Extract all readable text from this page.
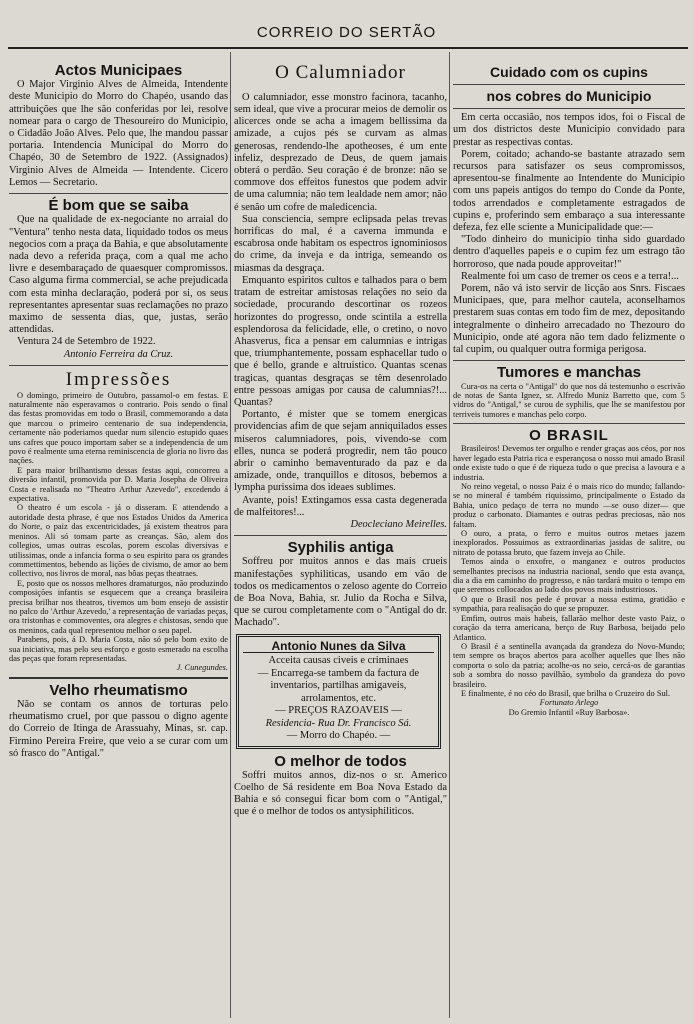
CORREIO DO SERTÃO
Actos Municipaes

O Major Virginio Alves de Almeida, Intendente deste Municipio do Morro do Chapéo, usando das attribuições que lhe são conferidas por lei, resolve nomear para o cargo de Thesoureiro do Municipio, o Cidadão João Alves. Pelo que, lhe mandou passar portaria. Intendencia Municipal do Morro do Chapéo, 30 de Setembro de 1922. (Assignados) Virginio Alves de Almeida — Intendente. Cicero Lemos — Secretario.

É bom que se saiba

Que na qualidade de ex-negociante no arraial do "Ventura" tenho nesta data, liquidado todos os meus negocios com a praça da Bahia, e que absolutamente nada devo a referida praça, com a qual me acho livre e desembaraçado de quaesquer compromissos. Caso alguma firma commercial, se ache prejudicada com esta minha declaração, poderá por si, os seus representantes apresentar suas reclamações no prazo maximo de sessenta dias, que, justas, serão attendidas.

Ventura 24 de Setembro de 1922.

Antonio Ferreira da Cruz.

Impressões

O domingo, primeiro de Outubro, passamol-o em festas. E naturalmente não esperavamos o contrario. Pois sendo o final das festas promovidas em todo o Brasil, commemorando a data que marcou o primeiro centenario de sua independencia, certamente não poderiamos quedar num silencio estupido quaes uns cafres que pouco importam saber se a independencia de um povo é realmente uma eterna reminiscencia de gloria no livro das nações.

E para maior brilhantismo dessas festas aqui, concorreu a diversão infantil, promovida por D. Maria Josepha de Oliveira Costa e realisada no "Theatro Arthur Azevedo", excedendo á expectativa.

O theatro é um escola - já o disseram. E attendendo a autoridade desta phrase, é que nos Estados Unidos da America do Norte, o paiz das excentricidades, já existem theatros para meninos. Ali só tomam parte as creanças. São, alem dos collegios, umas outras escolas, porem escolas diversivas e utilissimas, onde a infancia forma o seu espirito para os grandes commettimentos, bebendo as lições de civismo, de amor ao bem collectivo, nos livros de moral, nas bôas peças theatraes.

E, posto que os nossos melhores dramaturgos, não produzindo composições infantis se esquecem que a creança brasileira precisa brilhar nos theatros, tivemos um bom ensejo de assistir no palco do 'Arthur Azevedo,' a representação de variadas peças, ora tristonhas e commoventes, ora alegres e chistosas, sendo que os meninos, cada qual representou melhor o seu papel.

Parabens, pois, á D. Maria Costa, não só pelo bom exito de sua iniciativa, mas pelo seu esforço e gosto esmerado na escolha das peças que foram representadas.

J. Cunegundes.

Velho rheumatismo

Não se contam os annos de torturas pelo rheumatismo cruel, por que passou o digno agente do Correio de Itinga de Arassuahy, Minas, sr. cap. Firmino Pereira Freire, que veio a se curar com um só frasco do "Antigal."

O Calumniador

O calumniador, esse monstro facinora, tacanho, sem ideal, que vive a procurar meios de demolir os alicerces onde se acha a imagem bellissima da amizade, a cujos pés se curvam as almas generosas, rendendo-lhe apotheoses, é um ente infeliz, desprezado de Deus, de quem jamais obterá o perdão. Seu coração é de bronze: não se commove dos effeitos funestos que podem advir de uma calumnia; não tem lealdade nem amor; não é senão um cofre de maledicencia.

Sua consciencia, sempre eclipsada pelas trevas horrificas do mal, é a caverna immunda e escabrosa onde habitam os espectros ignominiosos do crime, da inveja e da intriga, semeando os miasmas da desgraça.

Emquanto espiritos cultos e talhados para o bem tratam de estreitar amistosas relações no seio da sociedade, procurando descortinar os rozeos horizontes do progresso, onde scintila a estrella esplendorosa da felicidade, elle, o cretino, o novo Ahasverus, fica a pensar em calumnias e intrigas que, triumphantemente, possam esphacellar tudo o que é bello, grande e altruistico. Quantas scenas tragicas, quantas desgraças se têm desenrolado entre pessoas amigas por causa de calumnias?!... Quantas?

Portanto, é mister que se tomem energicas providencias afim de que sejam anniquilados esses miseros calumniadores, pois, vivendo-se com elles, nunca se poderá progredir, nem tão pouco abrir o caminho bemaventurado da paz e da amizade, onde, tranquillos e ditosos, bebemos a lympha purissima dos ideaes sublimes.

Avante, pois! Extingamos essa casta degenerada de malfeitores!...

Deocleciano Meirelles.

Syphilis antiga

Soffreu por muitos annos e das mais crueis manifestações syphiliticas, usando em vão de todos os medicamentos o zeloso agente do Correio de Boa Nova, Bahia, sr. Julio da Rocha e Silva, que se curou completamente com o "Antigal do dr. Machado".

Antonio Nunes da Silva
Acceita causas civeis e criminaes
— Encarrega-se tambem da factura de inventarios, partilhas amigaveis, arrolamentos, etc.
— PREÇOS RAZOAVEIS —
Residencia- Rua Dr. Francisco Sá.
— Morro do Chapéo. —
O melhor de todos

Soffri muitos annos, diz-nos o sr. Americo Coelho de Sá residente em Boa Nova Estado da Bahia e só consegui ficar bom com o "Antigal," que é o melhor de todos os antysiphiliticos.

Cuidado com os cupins
nos cobres do Municipio

Em certa occasião, nos tempos idos, foi o Fiscal de um dos districtos deste Municipio convidado para prestar as respectivas contas.

Porem, coitado; achando-se bastante atrazado sem recursos para satisfazer os seus compromissos, apresentou-se finalmente ao Intendente do Municipio com uns papeis antigos do tempo do Conde da Ponte, todos arrendados e completamente estragados de cupins e, proferindo sem embaraço a sua interessante defeza, fez elle sciente a Municipalidade que:—

"Todo dinheiro do municipio tinha sido guardado dentro d'aquelles papeis e o cupim fez um estrago tão horroroso, que nada poude approveitar!"

Realmente foi um caso de tremer os ceos e a terra!...

Porem, não vá isto servir de licção aos Snrs. Fiscaes Municipaes, que, para melhor cautela, aconselhamos prestarem suas contas em todo fim de mez, depositando integralmente o dinheiro arrecadado no Thezouro do Municipio, onde até agora não tem dado felizmente o tal cupim, ou qualquer outra formiga perigosa.

Tumores e manchas

Cura-os na certa o "Antigal" do que nos dá testemunho o escrivão de notas de Santa Ignez, sr. Alfredo Muniz Barretto que, com 5 vidros do "Antigal," se curou de syphilis, que lhe se manifestou por terriveis tumores e manchas pelo corpo.

O BRASIL

Brasileiros! Devemos ter orgulho e render graças aos céos, por nos haver legado esta Patria rica e esperançosa o nosso mui amado Brasil onde existe tudo o que é de riqueza tudo o que precisa a lavoura e a industria.

No reino vegetal, o nosso Paiz é o mais rico do mundo; fallando-se no mineral é também riquissimo, principalmente o Estado da Bahia, unico pedaço de terra no mundo —se ouso dizer— que produz o carbonato. Diamantes e outras pedras preciosas, não nos faltam.

O ouro, a prata, o ferro e muitos outros metaes jazem inexplorados. Possuimos as extraordinarias jasidas de salitre, ou nitrato de potassa bruto, que fazem inveja ao Chile.

Temos ainda o enxofre, o manganez e outros productos semelhantes precisos na industria nacional, sendo que esta avança, dia a dia em caminho do progresso, e não tardará muito o tempo em que seremos collocados ao lado dos povos mais industriosos.

O que o Brasil nos pede é provar a nossa estima, gratidão e sympathia, para realisação do que se propuzer.

Emfim, outros mais habeis, fallarão melhor deste vasto Paiz, o coração da terra americana, berço de Ruy Barbosa, beijado pelo Atlantico.

O Brasil é a sentinella avançada da grandeza do Novo-Mundo; tem sempre os braços abertos para acolher aquelles que lhes não comporta o solo da patria; acolhe-os no seio, cercá-os de garantias sob a sombra do nosso pavilhão, symbolo da grandeza do povo brasileiro.

E finalmente, é no céo do Brasil, que brilha o Cruzeiro do Sul.

Fortunato Arlego

Do Gremio Infantil «Ruy Barbosa».
